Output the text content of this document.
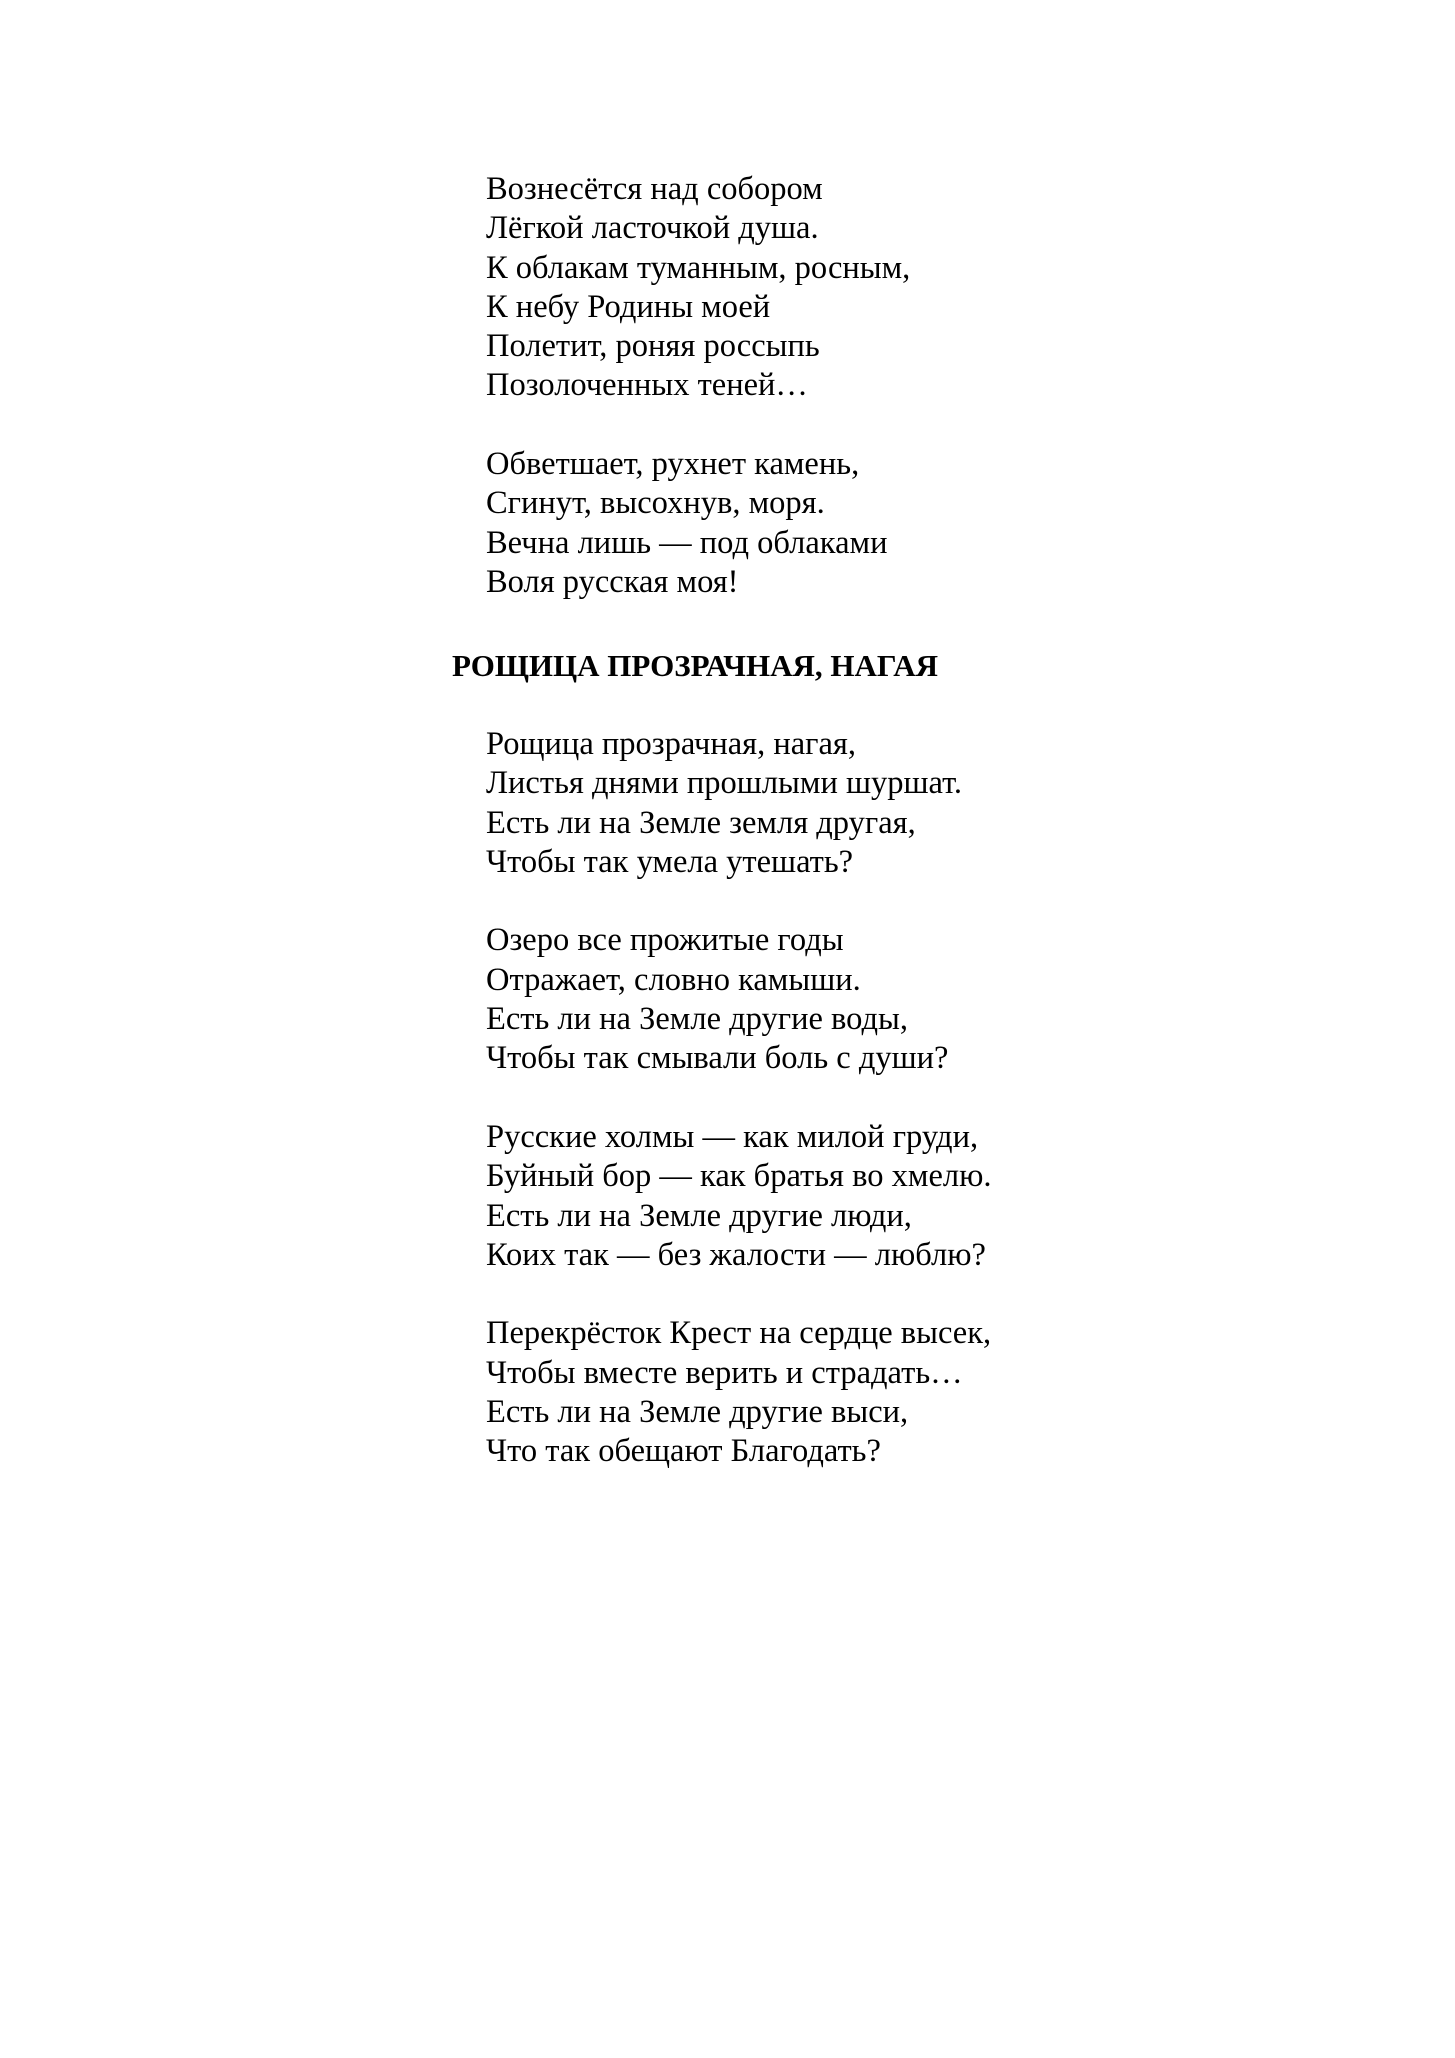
Вознесётся над собором
Лёгкой ласточкой душа.
К облакам туманным, росным,
К небу Родины моей
Полетит, роняя россыпь
Позолоченных теней…
Обветшает, рухнет камень,
Сгинут, высохнув, моря.
Вечна лишь — под облаками
Воля русская моя!
РОЩИЦА ПРОЗРАЧНАЯ, НАГАЯ
Рощица прозрачная, нагая,
Листья днями прошлыми шуршат.
Есть ли на Земле земля другая,
Чтобы так умела утешать?
Озеро все прожитые годы
Отражает, словно камыши.
Есть ли на Земле другие воды,
Чтобы так смывали боль с души?
Русские холмы — как милой груди,
Буйный бор — как братья во хмелю.
Есть ли на Земле другие люди,
Коих так — без жалости — люблю?
Перекрёсток Крест на сердце высек,
Чтобы вместе верить и страдать…
Есть ли на Земле другие выси,
Что так обещают Благодать?
